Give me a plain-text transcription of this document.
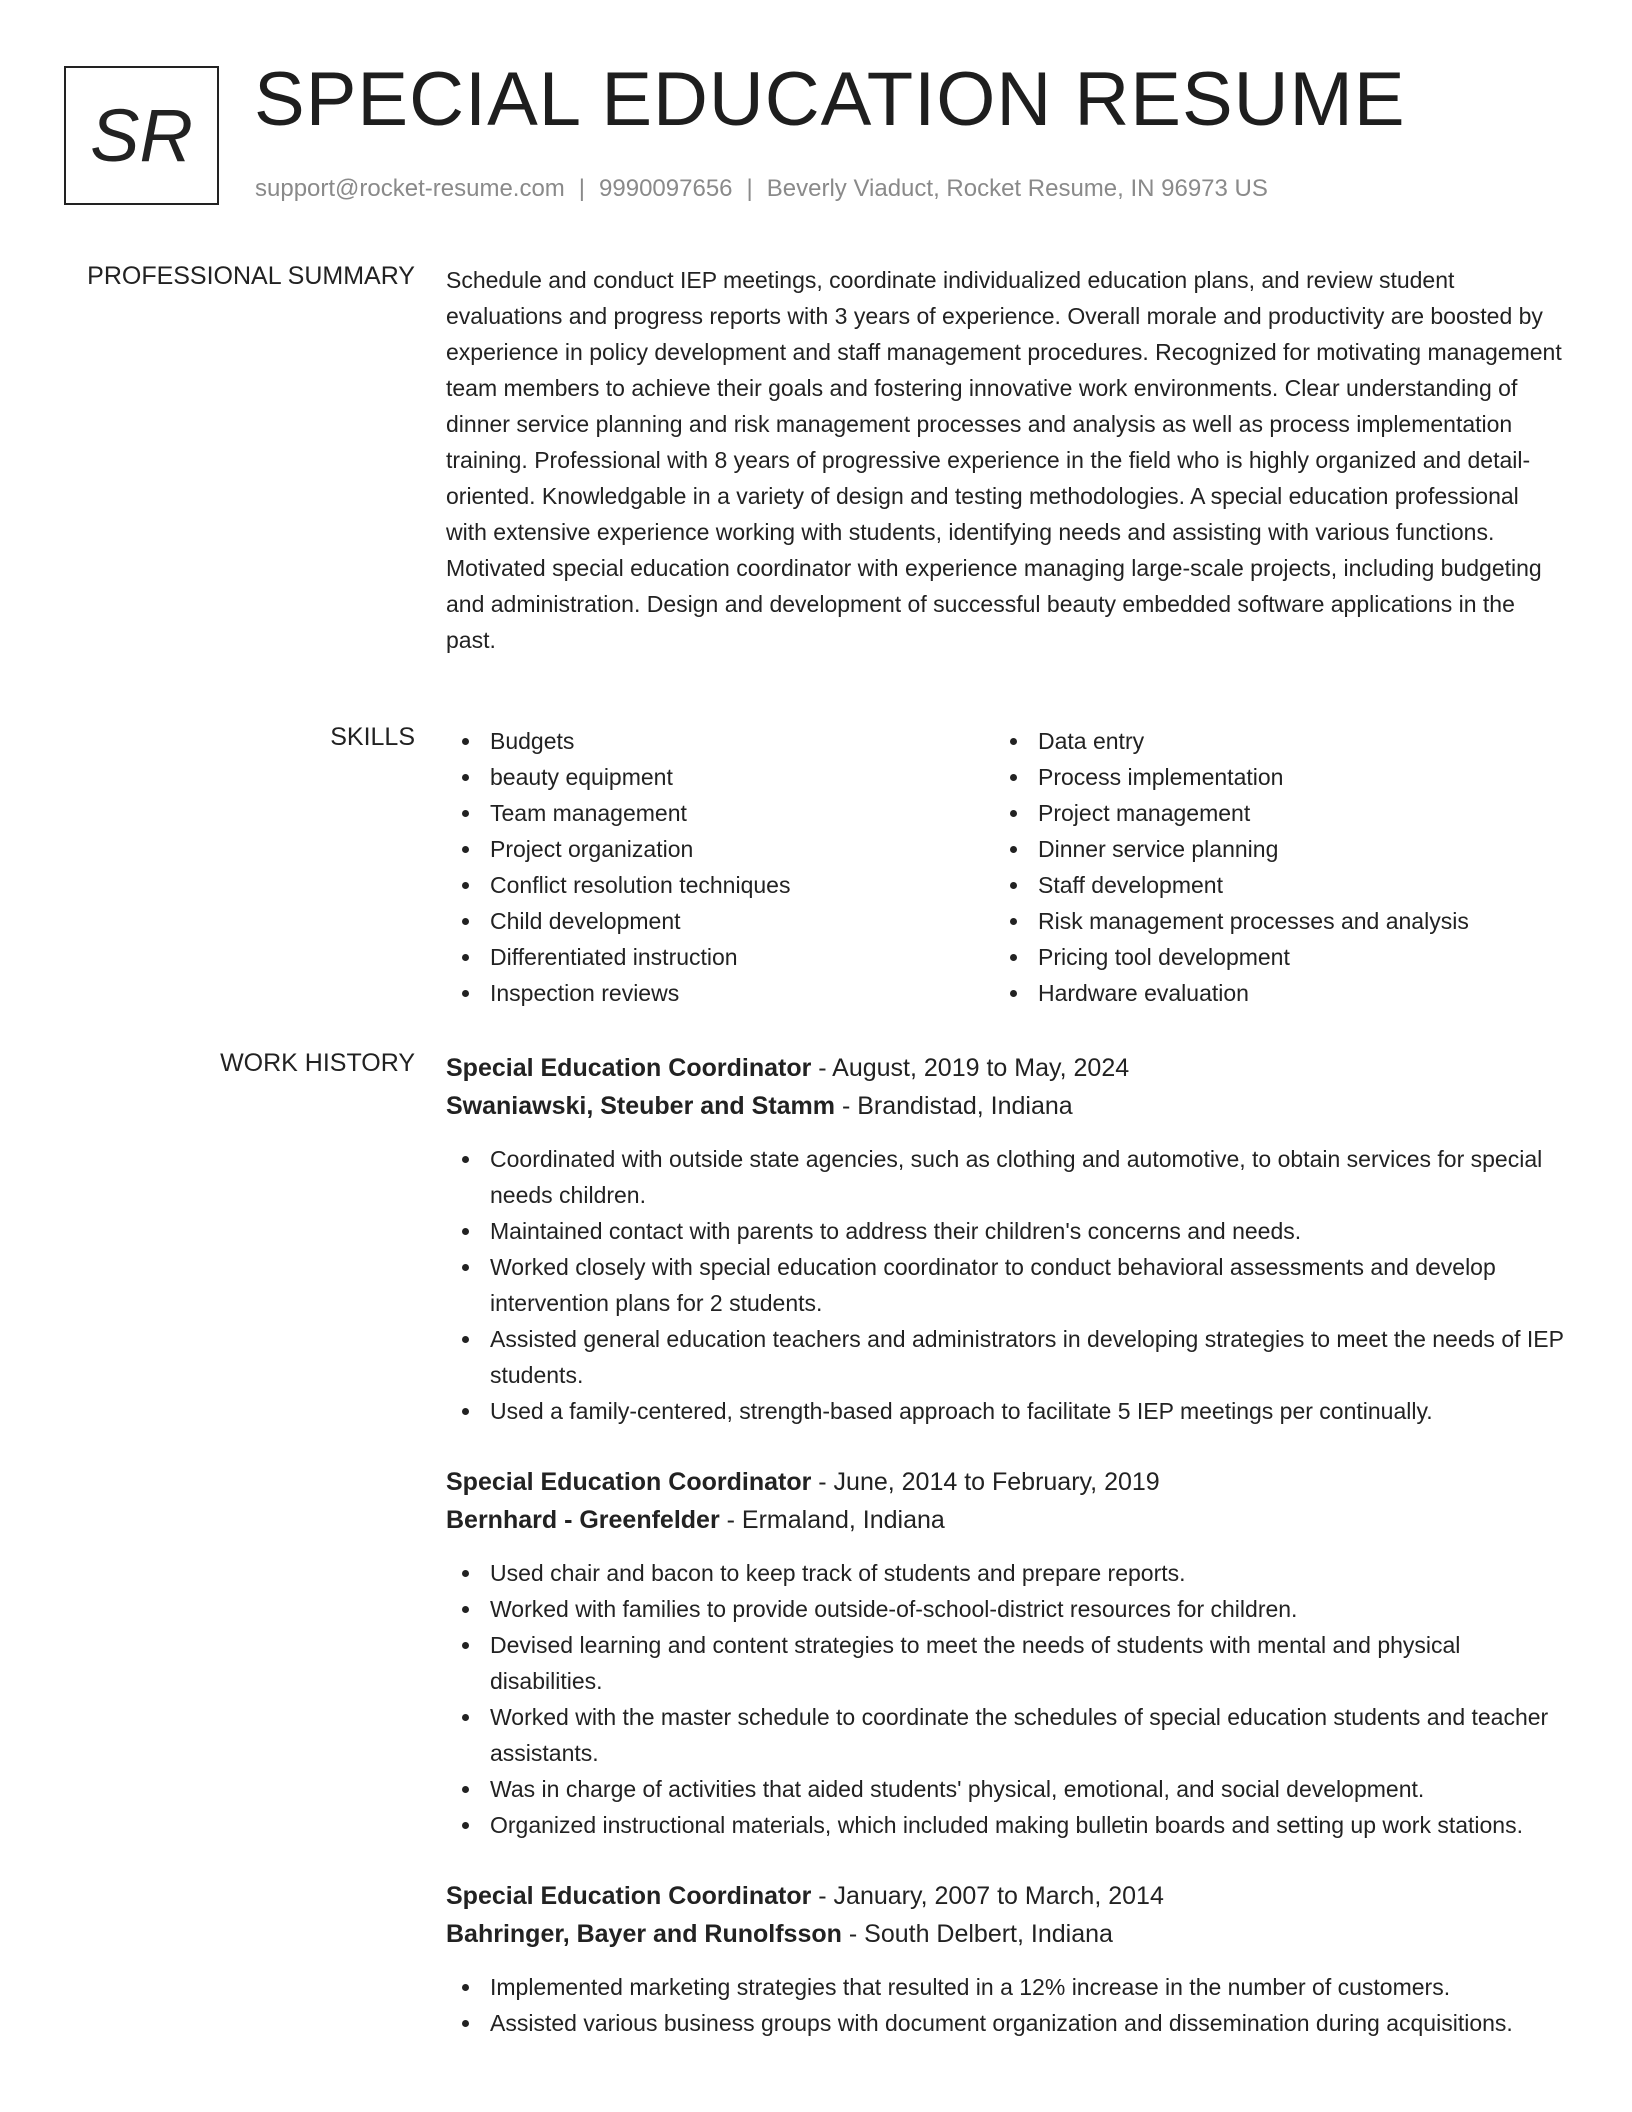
SR SPECIAL EDUCATION RESUME
support@rocket-resume.com | 9990097656 | Beverly Viaduct, Rocket Resume, IN 96973 US
PROFESSIONAL SUMMARY Schedule and conduct IEP meetings, coordinate individualized education plans, and review student evaluations and progress reports with 3 years of experience. Overall morale and productivity are boosted by experience in policy development and staff management procedures. Recognized for motivating management team members to achieve their goals and fostering innovative work environments. Clear understanding of dinner service planning and risk management processes and analysis as well as process implementation training. Professional with 8 years of progressive experience in the field who is highly organized and detail-oriented. Knowledgable in a variety of design and testing methodologies. A special education professional with extensive experience working with students, identifying needs and assisting with various functions. Motivated special education coordinator with experience managing large-scale projects, including budgeting and administration. Design and development of successful beauty embedded software applications in the past.

SKILLS	Budgets
beauty equipment
Team management
Project organization
Conflict resolution techniques
Child development
Differentiated instruction
Inspection reviews
Data entry
Process implementation
Project management
Dinner service planning
Staff development
Risk management processes and analysis
Pricing tool development
Hardware evaluation
WORK HISTORY Special Education Coordinator - August, 2019 to May, 2024
Swaniawski, Steuber and Stamm - Brandistad, Indiana
Coordinated with outside state agencies, such as clothing and automotive, to obtain services for special needs children.
Maintained contact with parents to address their children's concerns and needs.
Worked closely with special education coordinator to conduct behavioral assessments and develop intervention plans for 2 students.
Assisted general education teachers and administrators in developing strategies to meet the needs of IEP students.
Used a family-centered, strength-based approach to facilitate 5 IEP meetings per continually.
Special Education Coordinator - June, 2014 to February, 2019
Bernhard - Greenfelder - Ermaland, Indiana
Used chair and bacon to keep track of students and prepare reports.
Worked with families to provide outside-of-school-district resources for children.
Devised learning and content strategies to meet the needs of students with mental and physical disabilities.
Worked with the master schedule to coordinate the schedules of special education students and teacher assistants.
Was in charge of activities that aided students' physical, emotional, and social development.
Organized instructional materials, which included making bulletin boards and setting up work stations.
Special Education Coordinator - January, 2007 to March, 2014
Bahringer, Bayer and Runolfsson - South Delbert, Indiana
Implemented marketing strategies that resulted in a 12% increase in the number of customers.
Assisted various business groups with document organization and dissemination during acquisitions.
